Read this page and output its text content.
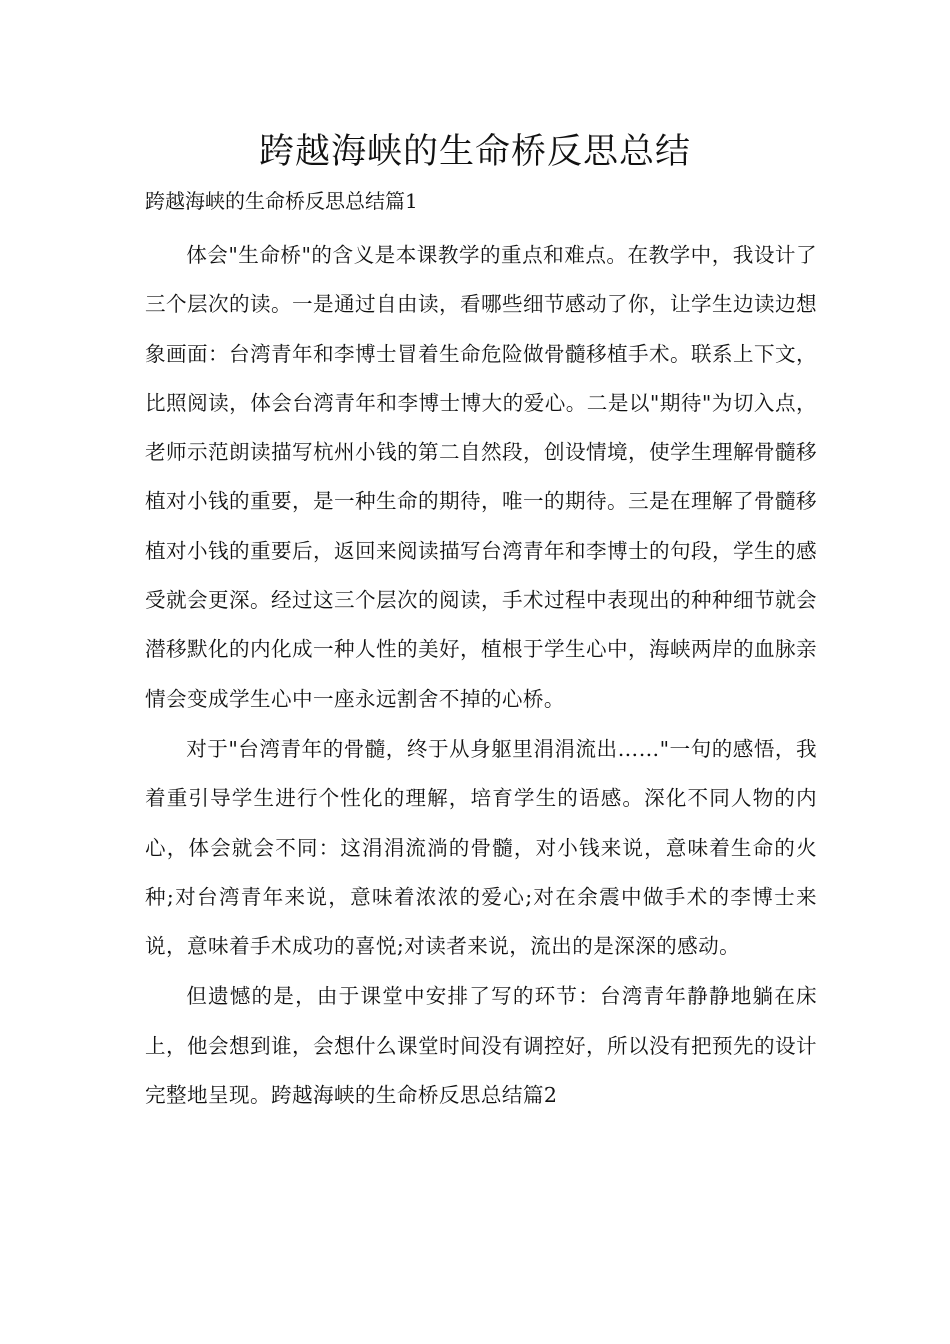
跨越海峡的生命桥反思总结

跨越海峡的生命桥反思总结篇1

体会"生命桥"的含义是本课教学的重点和难点。在教学中，我设计了三个层次的读。一是通过自由读，看哪些细节感动了你，让学生边读边想象画面：台湾青年和李博士冒着生命危险做骨髓移植手术。联系上下文，比照阅读，体会台湾青年和李博士博大的爱心。二是以"期待"为切入点，老师示范朗读描写杭州小钱的第二自然段，创设情境，使学生理解骨髓移植对小钱的重要，是一种生命的期待，唯一的期待。三是在理解了骨髓移植对小钱的重要后，返回来阅读描写台湾青年和李博士的句段，学生的感受就会更深。经过这三个层次的阅读，手术过程中表现出的种种细节就会潜移默化的内化成一种人性的美好，植根于学生心中，海峡两岸的血脉亲情会变成学生心中一座永远割舍不掉的心桥。

对于"台湾青年的骨髓，终于从身躯里涓涓流出……"一句的感悟，我着重引导学生进行个性化的理解，培育学生的语感。深化不同人物的内心，体会就会不同：这涓涓流淌的骨髓，对小钱来说，意味着生命的火种;对台湾青年来说，意味着浓浓的爱心;对在余震中做手术的李博士来说，意味着手术成功的喜悦;对读者来说，流出的是深深的感动。

但遗憾的是，由于课堂中安排了写的环节：台湾青年静静地躺在床上，他会想到谁，会想什么课堂时间没有调控好，所以没有把预先的设计完整地呈现。跨越海峡的生命桥反思总结篇2
